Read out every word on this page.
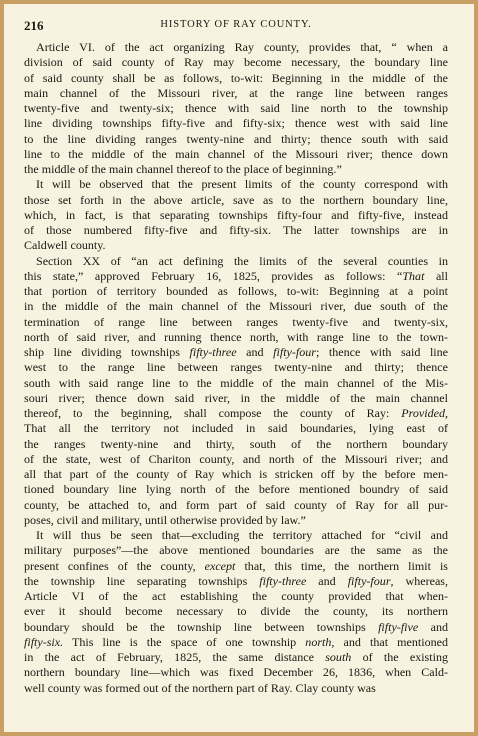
216	HISTORY OF RAY COUNTY.
Article VI. of the act organizing Ray county, provides that, “ when a
division of said county of Ray may become necessary, the boundary line
of said county shall be as follows, to-wit: Beginning in the middle of the
main channel of the Missouri river, at the range line between ranges
twenty-five and twenty-six; thence with said line north to the township
line dividing townships fifty-five and fifty-six; thence west with said line
to the line dividing ranges twenty-nine and thirty; thence south with said
line to the middle of the main channel of the Missouri river; thence down
the middle of the main channel thereof to the place of beginning.”
It will be observed that the present limits of the county correspond with
those set forth in the above article, save as to the northern boundary line,
which, in fact, is that separating townships fifty-four and fifty-five, instead
of those numbered fifty-five and fifty-six. The latter townships are in
Caldwell county.
Section XX of “an act defining the limits of the several counties in
this state,” approved February 16, 1825, provides as follows: “That all
that portion of territory bounded as follows, to-wit: Beginning at a point
in the middle of the main channel of the Missouri river, due south of the
termination of range line between ranges twenty-five and twenty-six,
north of said river, and running thence north, with range line to the town-
ship line dividing townships fifty-three and fifty-four; thence with said line
west to the range line between ranges twenty-nine and thirty; thence
south with said range line to the middle of the main channel of the Mis-
souri river; thence down said river, in the middle of the main channel
thereof, to the beginning, shall compose the county of Ray: Provided,
That all the territory not included in said boundaries, lying east of
the ranges twenty-nine and thirty, south of the northern boundary
of the state, west of Chariton county, and north of the Missouri river; and
all that part of the county of Ray which is stricken off by the before men-
tioned boundary line lying north of the before mentioned boundry of said
county, be attached to, and form part of said county of Ray for all pur-
poses, civil and military, until otherwise provided by law.”
It will thus be seen that—excluding the territory attached for “civil and
military purposes”—the above mentioned boundaries are the same as the
present confines of the county, except that, this time, the northern limit is
the township line separating townships fifty-three and fifty-four, whereas,
Article VI of the act establishing the county provided that when-
ever it should become necessary to divide the county, its northern
boundary should be the township line between townships fifty-five and
fifty-six. This line is the space of one township north, and that mentioned
in the act of February, 1825, the same distance south of the existing
northern boundary line—which was fixed December 26, 1836, when Cald-
well county was formed out of the northern part of Ray. Clay county was
